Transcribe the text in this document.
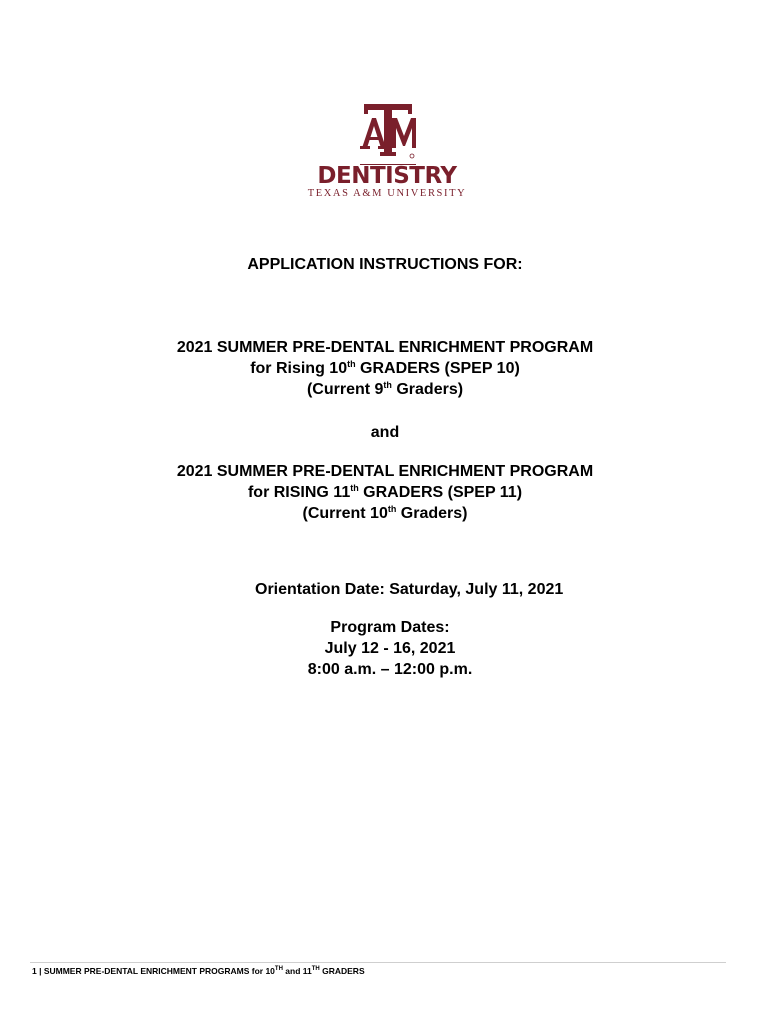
DENTISTRY
TEXAS A&M UNIVERSITY
APPLICATION INSTRUCTIONS FOR:
2021 SUMMER PRE-DENTAL ENRICHMENT PROGRAM
for Rising 10th GRADERS (SPEP 10)
(Current 9th Graders)
and
2021 SUMMER PRE-DENTAL ENRICHMENT PROGRAM
for RISING 11th GRADERS (SPEP 11)
(Current 10th Graders)
Orientation Date: Saturday, July 11, 2021
Program Dates:
July 12 - 16, 2021
8:00 a.m. – 12:00 p.m.
1 | SUMMER PRE-DENTAL ENRICHMENT PROGRAMS for 10TH and 11TH GRADERS
